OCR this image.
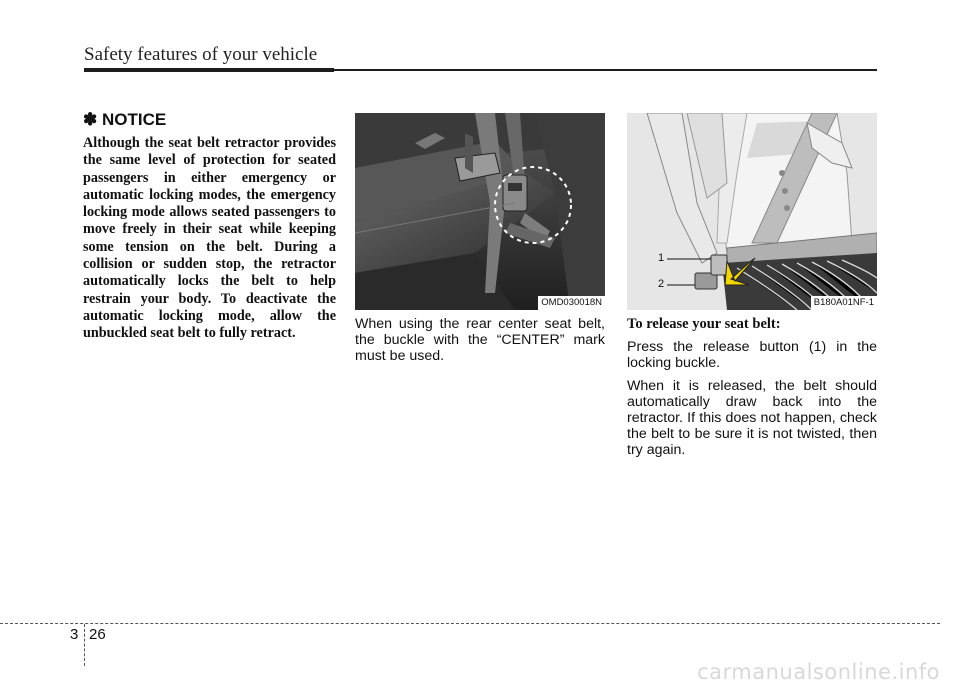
Safety features of your vehicle
✽ NOTICE

Although the seat belt retractor provides the same level of protection for seated passengers in either emergency or automatic locking modes, the emergency locking mode allows seated passengers to move freely in their seat while keeping some tension on the belt. During a collision or sudden stop, the retractor automatically locks the belt to help restrain your body. To deactivate the automatic locking mode, allow the unbuckled seat belt to fully retract.

OMD030018N
1
2
B180A01NF-1

When using the rear center seat belt, the buckle with the “CENTER” mark must be used.

To release your seat belt:

Press the release button (1) in the locking buckle.

When it is released, the belt should automatically draw back into the retractor. If this does not happen, check the belt to be sure it is not twisted, then try again.

3 26
carmanualsonline.info
